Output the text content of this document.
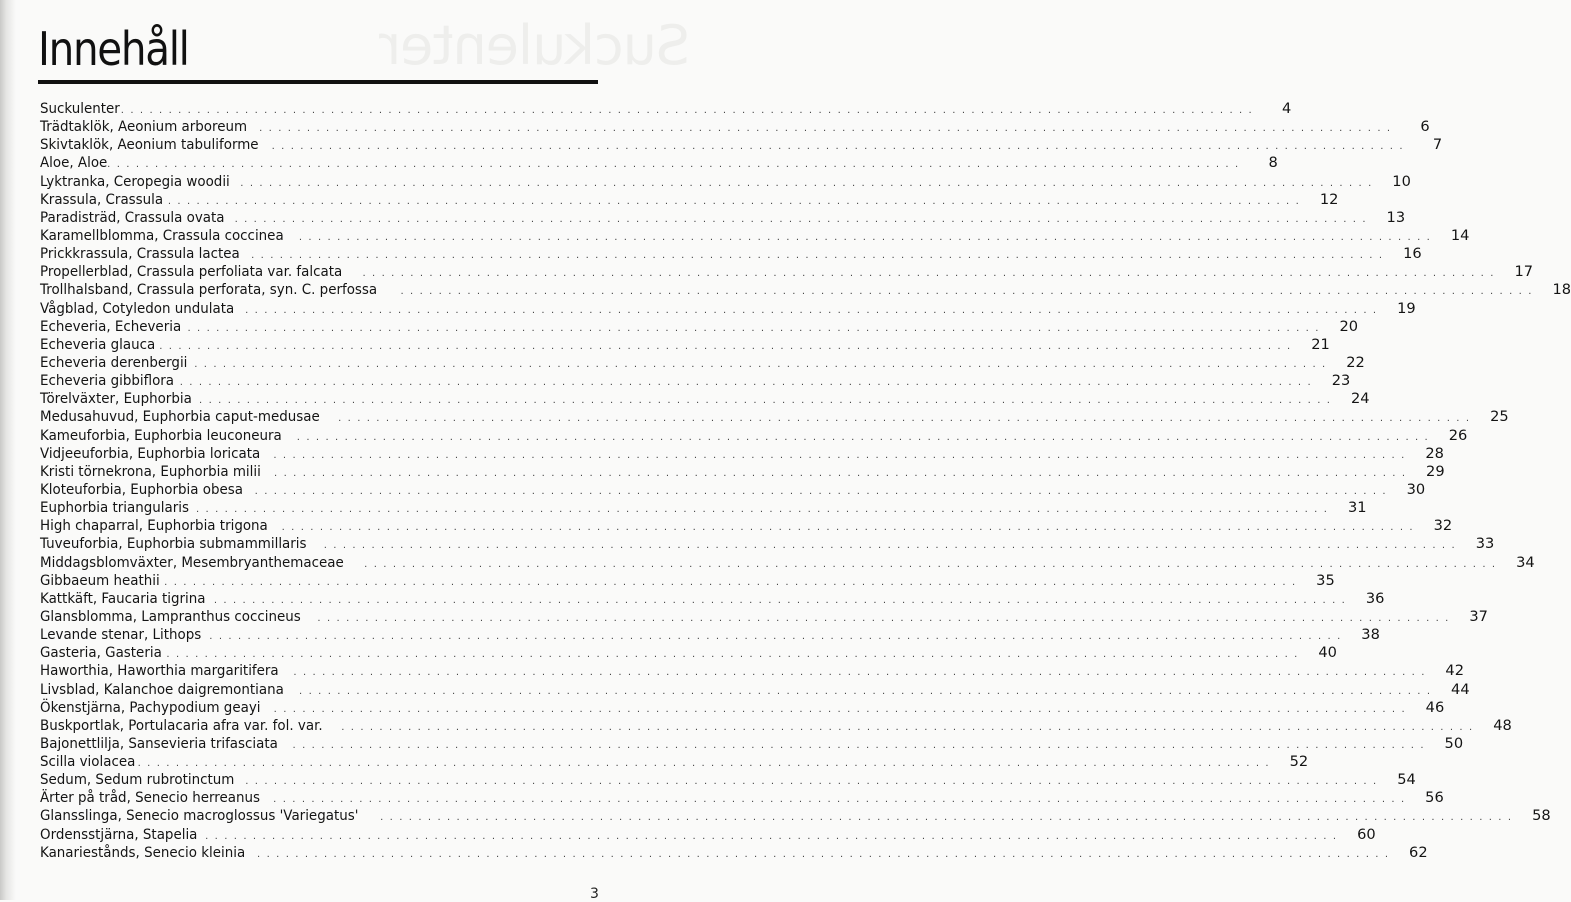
Suckulenter
Innehåll
Suckulenter . . .	4
Trädtaklök, Aeonium arboreum . . .	6
Skivtaklök, Aeonium tabuliforme . . .	7
Aloe, Aloe . . .	8
Lyktranka, Ceropegia woodii . . .	10
Krassula, Crassula . . .	12
Paradisträd, Crassula ovata . . .	13
Karamellblomma, Crassula coccinea . . .	14
Prickkrassula, Crassula lactea . . .	16
Propellerblad, Crassula perfoliata var. falcata . . .	17
Trollhalsband, Crassula perforata, syn. C. perfossa . . .	18
Vågblad, Cotyledon undulata . . .	19
Echeveria, Echeveria . . .	20
Echeveria glauca . . .	21
Echeveria derenbergii . . .	22
Echeveria gibbiflora . . .	23
Törelväxter, Euphorbia . . .	24
Medusahuvud, Euphorbia caput-medusae . . .	25
Kameuforbia, Euphorbia leuconeura . . .	26
Vidjeeuforbia, Euphorbia loricata . . .	28
Kristi törnekrona, Euphorbia milii . . .	29
Kloteuforbia, Euphorbia obesa . . .	30
Euphorbia triangularis . . .	31
High chaparral, Euphorbia trigona . . .	32
Tuveuforbia, Euphorbia submammillaris . . .	33
Middagsblomväxter, Mesembryanthemaceae . . .	34
Gibbaeum heathii . . .	35
Kattkäft, Faucaria tigrina . . .	36
Glansblomma, Lampranthus coccineus . . .	37
Levande stenar, Lithops . . .	38
Gasteria, Gasteria . . .	40
Haworthia, Haworthia margaritifera . . .	42
Livsblad, Kalanchoe daigremontiana . . .	44
Ökenstjärna, Pachypodium geayi . . .	46
Buskportlak, Portulacaria afra var. fol. var. . . .	48
Bajonettlilja, Sansevieria trifasciata . . .	50
Scilla violacea . . .	52
Sedum, Sedum rubrotinctum . . .	54
Ärter på tråd, Senecio herreanus . . .	56
Glansslinga, Senecio macroglossus 'Variegatus' . . .	58
Ordensstjärna, Stapelia . . .	60
Kanariestånds, Senecio kleinia . . .	62
3
